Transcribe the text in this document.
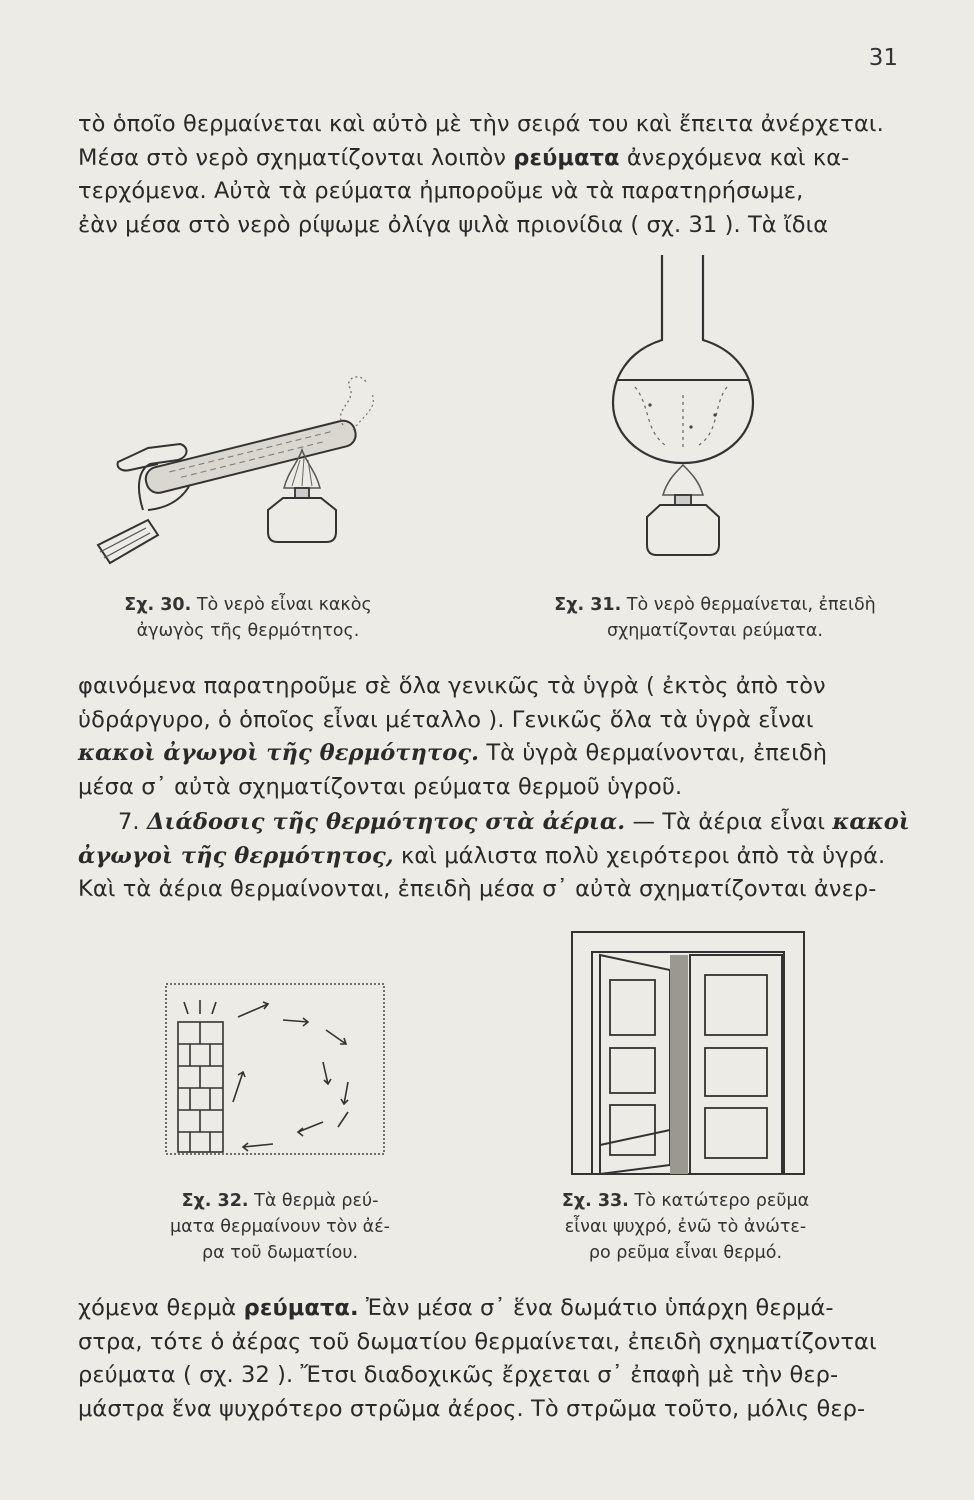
31
τὸ ὁποῖο θερμαίνεται καὶ αὐτὸ μὲ τὴν σειρά του καὶ ἔπειτα ἀνέρχεται.
Μέσα στὸ νερὸ σχηματίζονται λοιπὸν ρεύματα ἀνερχόμενα καὶ κα-
τερχόμενα. Αὐτὰ τὰ ρεύματα ἠμποροῦμε νὰ τὰ παρατηρήσωμε,
ἐὰν μέσα στὸ νερὸ ρίψωμε ὀλίγα ψιλὰ πριονίδια ( σχ. 31 ). Τὰ ἴδια
Σχ. 30. Τὸ νερὸ εἶναι κακὸς
ἀγωγὸς τῆς θερμότητος.
Σχ. 31. Τὸ νερὸ θερμαίνεται, ἐπειδὴ
σχηματίζονται ρεύματα.
φαινόμενα παρατηροῦμε σὲ ὅλα γενικῶς τὰ ὑγρὰ ( ἐκτὸς ἀπὸ τὸν
ὑδράργυρο, ὁ ὁποῖος εἶναι μέταλλο ). Γενικῶς ὅλα τὰ ὑγρὰ εἶναι
κακοὶ ἀγωγοὶ τῆς θερμότητος. Τὰ ὑγρὰ θερμαίνονται, ἐπειδὴ
μέσα σ᾿ αὐτὰ σχηματίζονται ρεύματα θερμοῦ ὑγροῦ.
7. Διάδοσις τῆς θερμότητος στὰ ἀέρια. — Τὰ ἀέρια εἶναι κακοὶ
ἀγωγοὶ τῆς θερμότητος, καὶ μάλιστα πολὺ χειρότεροι ἀπὸ τὰ ὑγρά.
Καὶ τὰ ἀέρια θερμαίνονται, ἐπειδὴ μέσα σ᾿ αὐτὰ σχηματίζονται ἀνερ-
Σχ. 32. Τὰ θερμὰ ρεύ-
ματα θερμαίνουν τὸν ἀέ-
ρα τοῦ δωματίου.
Σχ. 33. Τὸ κατώτερο ρεῦμα
εἶναι ψυχρό, ἐνῶ τὸ ἀνώτε-
ρο ρεῦμα εἶναι θερμό.
χόμενα θερμὰ ρεύματα. Ἐὰν μέσα σ᾿ ἕνα δωμάτιο ὑπάρχη θερμά-
στρα, τότε ὁ ἀέρας τοῦ δωματίου θερμαίνεται, ἐπειδὴ σχηματίζονται
ρεύματα ( σχ. 32 ). Ἔτσι διαδοχικῶς ἔρχεται σ᾿ ἐπαφὴ μὲ τὴν θερ-
μάστρα ἕνα ψυχρότερο στρῶμα ἀέρος. Τὸ στρῶμα τοῦτο, μόλις θερ-
